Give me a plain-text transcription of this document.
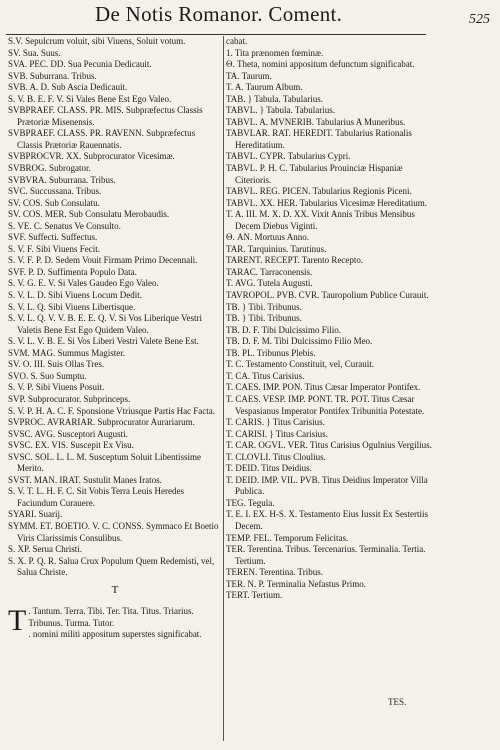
De Notis Romanor. Coment.	525
S.V. Sepulcrum voluit, sibi Viuens, Soluit votum.
SV. Sua. Suus.
SVA. PEC. DD. Sua Pecunia Dedicauit.
SVB. Suburrana. Tribus.
SVB. A. D. Sub Ascia Dedicauit.
S. V. B. E. F. V. Si Vales Bene Est Ego Valeo.
SVBPRAEF. CLASS. PR. MIS. Subpræfectus Classis Prætoriæ Misenensis.
SVBPRAEF. CLASS. PR. RAVENN. Subpræfectus Classis Prætoriæ Rauennatis.
SVBPROCVR. XX. Subprocurator Vicesimæ.
SVBROG. Subrogator.
SVBVRA. Suburrana. Tribus.
SVC. Succussana. Tribus.
SV. COS. Sub Consulatu.
SV. COS. MER. Sub Consulatu Merobaudis.
S. VE. C. Senatus Ve Consulto.
SVF. Suffecti. Suffectus.
S. V. F. Sibi Viuens Fecit.
S. V. F. P. D. Sedem Vouit Firmam Primo Decennali.
SVF. P. D. Suffimenta Populo Data.
S. V. G. E. V. Si Vales Gaudeo Ego Valeo.
S. V. L. D. Sibi Viuens Locum Dedit.
S. V. L. Q. Sibi Viuens Libertisque.
S. V. L. Q. V. V. B. E. E. Q. V. Si Vos Liberique Vestri Valetis Bene Est Ego Quidem Valeo.
S. V. L. V. B. E. Si Vos Liberi Vestri Valete Bene Est.
SVM. MAG. Summus Magister.
SV. O. III. Suis Ollas Tres.
SVO. S. Suo Sumptu.
S. V. P. Sibi Viuens Posuit.
SVP. Subprocurator. Subprinceps.
S. V. P. H. A. C. F. Sponsione Vtriusque Partis Hac Facta.
SVPROC. AVRARIAR. Subprocurator Aurariarum.
SVSC. AVG. Susceptori Augusti.
SVSC. EX. VIS. Suscepit Ex Visu.
SVSC. SOL. L. L. M. Susceptum Soluit Libentissime Merito.
SVST. MAN. IRAT. Sustulit Manes Iratos.
S. V. T. L. H. F. C. Sit Vobis Terra Leuis Heredes Faciundum Curauere.
SYARI. Suarij.
SYMM. ET. BOETIO. V. C. CONSS. Symmaco Et Boetio Viris Clarissimis Consulibus.
S. XP. Serua Christi.
S. X. P. Q. R. Salua Crux Populum Quem Redemisti, vel, Salua Christe.
T
T . Tantum. Terra. Tibi. Ter. Tita. Titus. Triarius. Tribunus. Turma. Tutor.
. nomini militi appositum superstes significabat.
cabat.
1. Tita prænomen fœminæ.
Θ. Theta, nomini appositum defunctum significabat.
TA. Taurum.
T. A. Taurum Album.
TAB. } Tabula. Tabularius.
TABVL. } Tabula. Tabularius.
TABVL. A. MVNERIB. Tabularius A Muneribus.
TABVLAR. RAT. HEREDIT. Tabularius Rationalis Hereditatium.
TABVL. CYPR. Tabularius Cypri.
TABVL. P. H. C. Tabularius Prouinciæ Hispaniæ Citerioris.
TABVL. REG. PICEN. Tabularius Regionis Piceni.
TABVL. XX. HER. Tabularius Vicesimæ Hereditatium.
T. A. III. M. X. D. XX. Vixit Annis Tribus Mensibus Decem Diebus Viginti.
Θ. AN. Mortuus Anno.
TAR. Tarquinius. Tarutinus.
TARENT. RECEPT. Tarento Recepto.
TARAC. Tarraconensis.
T. AVG. Tutela Augusti.
TAVROPOL. PVB. CVR. Tauropolium Publice Curauit.
TB. } Tibi. Tribunus.
TB. } Tibi. Tribunus.
TB. D. F. Tibi Dulcissimo Filio.
TB. D. F. M. Tibi Dulcissimo Filio Meo.
TB. PL. Tribunus Plebis.
T. C. Testamento Constituit, vel, Curauit.
T. CA. Titus Carisius.
T. CAES. IMP. PON. Titus Cæsar Imperator Pontifex.
T. CAES. VESP. IMP. PONT. TR. POT. Titus Cæsar Vespasianus Imperator Pontifex Tribunitia Potestate.
T. CARIS. } Titus Carisius.
T. CARISI. } Titus Carisius.
T. CAR. OGVL. VER. Titus Carisius Ogulnius Vergilius.
T. CLOVLI. Titus Cloulius.
T. DEID. Titus Deidius.
T. DEID. IMP. VIL. PVB. Titus Deidius Imperator Villa Publica.
TEG. Tegula.
T. E. I. EX. H-S. X. Testamento Eius Iussit Ex Sestertiis Decem.
TEMP. FEL. Temporum Felicitas.
TER. Terentina. Tribus. Tercenarius. Terminalia. Tertia. Tertium.
TEREN. Terentina. Tribus.
TER. N. P. Terminalia Nefastus Primo.
TERT. Tertium.
TES.
